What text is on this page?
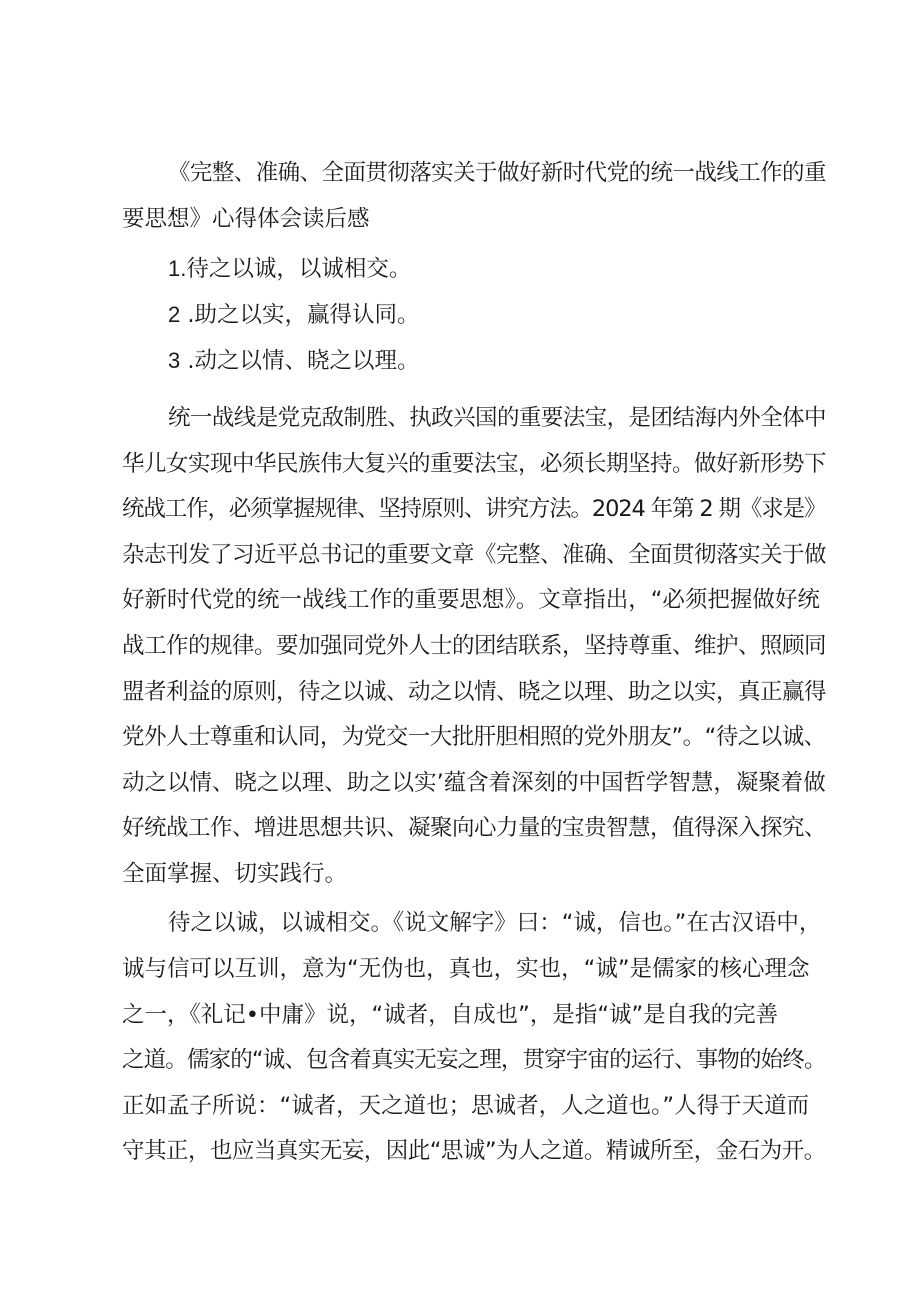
《完整、准确、全面贯彻落实关于做好新时代党的统一战线工作的重

要思想》心得体会读后感

1.待之以诚，以诚相交。

2 .助之以实，赢得认同。

3 .动之以情、晓之以理。

统一战线是党克敌制胜、执政兴国的重要法宝，是团结海内外全体中

华儿女实现中华民族伟大复兴的重要法宝，必须长期坚持。做好新形势下

统战工作，必须掌握规律、坚持原则、讲究方法。2024 年第 2 期《求是》

杂志刊发了习近平总书记的重要文章《完整、准确、全面贯彻落实关于做

好新时代党的统一战线工作的重要思想》。文章指出，“必须把握做好统

战工作的规律。要加强同党外人士的团结联系，坚持尊重、维护、照顾同

盟者利益的原则，待之以诚、动之以情、晓之以理、助之以实，真正赢得

党外人士尊重和认同，为党交一大批肝胆相照的党外朋友”。“待之以诚、

动之以情、晓之以理、助之以实’蕴含着深刻的中国哲学智慧，凝聚着做

好统战工作、增进思想共识、凝聚向心力量的宝贵智慧，值得深入探究、

全面掌握、切实践行。

待之以诚，以诚相交。《说文解字》曰：“诚，信也。”在古汉语中，

诚与信可以互训，意为“无伪也，真也，实也，“诚”是儒家的核心理念

之一，《礼记•中庸》说，“诚者，自成也”，是指“诚”是自我的完善

之道。儒家的“诚、包含着真实无妄之理，贯穿宇宙的运行、事物的始终。

正如孟子所说：“诚者，天之道也；思诚者，人之道也。”人得于天道而

守其正，也应当真实无妄，因此“思诚”为人之道。精诚所至，金石为开。
